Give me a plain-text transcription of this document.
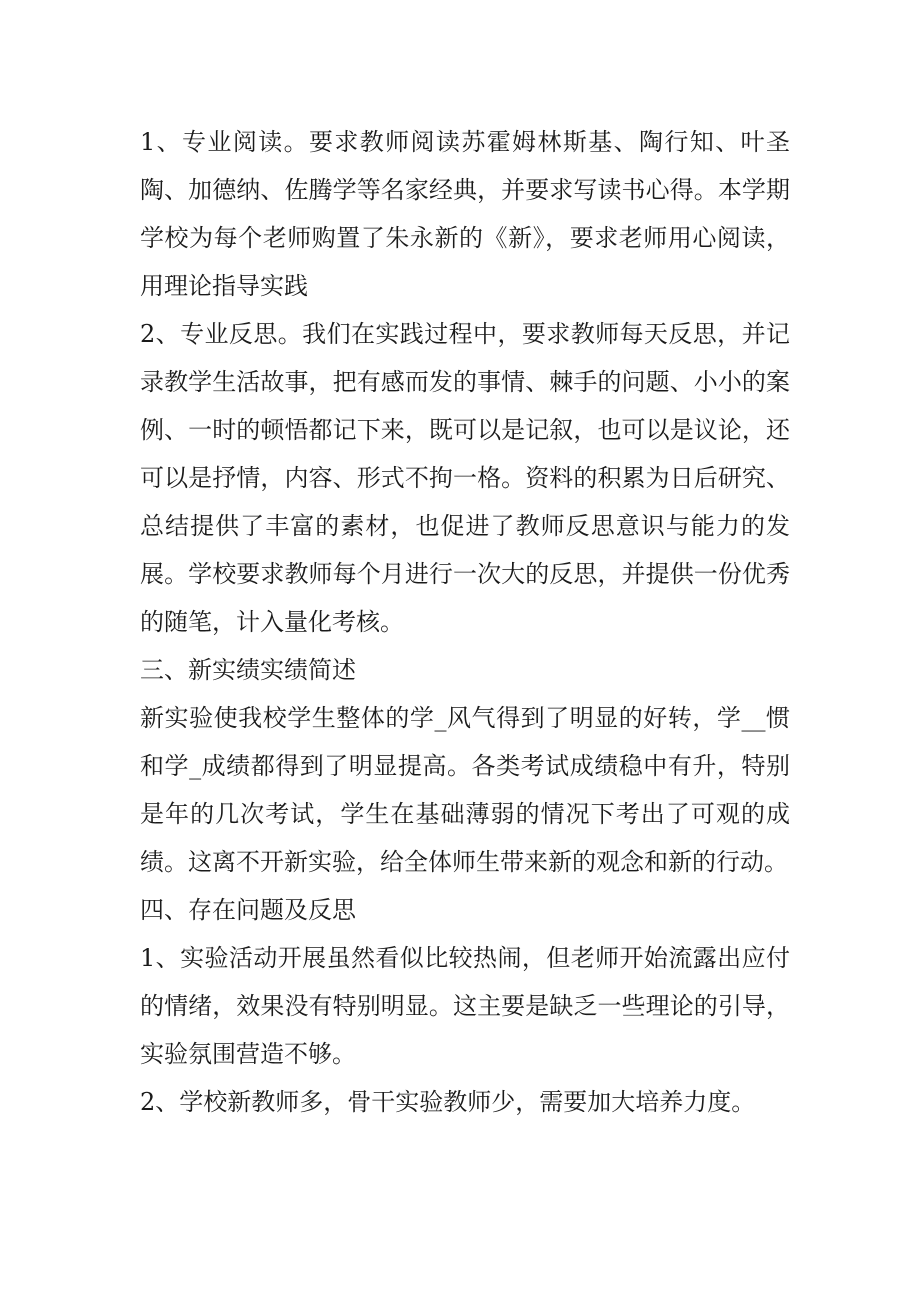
1、专业阅读。要求教师阅读苏霍姆林斯基、陶行知、叶圣陶、加德纳、佐腾学等名家经典，并要求写读书心得。本学期学校为每个老师购置了朱永新的《新》，要求老师用心阅读，用理论指导实践

2、专业反思。我们在实践过程中，要求教师每天反思，并记录教学生活故事，把有感而发的事情、棘手的问题、小小的案例、一时的顿悟都记下来，既可以是记叙，也可以是议论，还可以是抒情，内容、形式不拘一格。资料的积累为日后研究、总结提供了丰富的素材，也促进了教师反思意识与能力的发展。学校要求教师每个月进行一次大的反思，并提供一份优秀的随笔，计入量化考核。

三、新实绩实绩简述

新实验使我校学生整体的学_风气得到了明显的好转，学__惯和学_成绩都得到了明显提高。各类考试成绩稳中有升，特别是年的几次考试，学生在基础薄弱的情况下考出了可观的成绩。这离不开新实验，给全体师生带来新的观念和新的行动。

四、存在问题及反思

1、实验活动开展虽然看似比较热闹，但老师开始流露出应付的情绪，效果没有特别明显。这主要是缺乏一些理论的引导，实验氛围营造不够。

2、学校新教师多，骨干实验教师少，需要加大培养力度。
